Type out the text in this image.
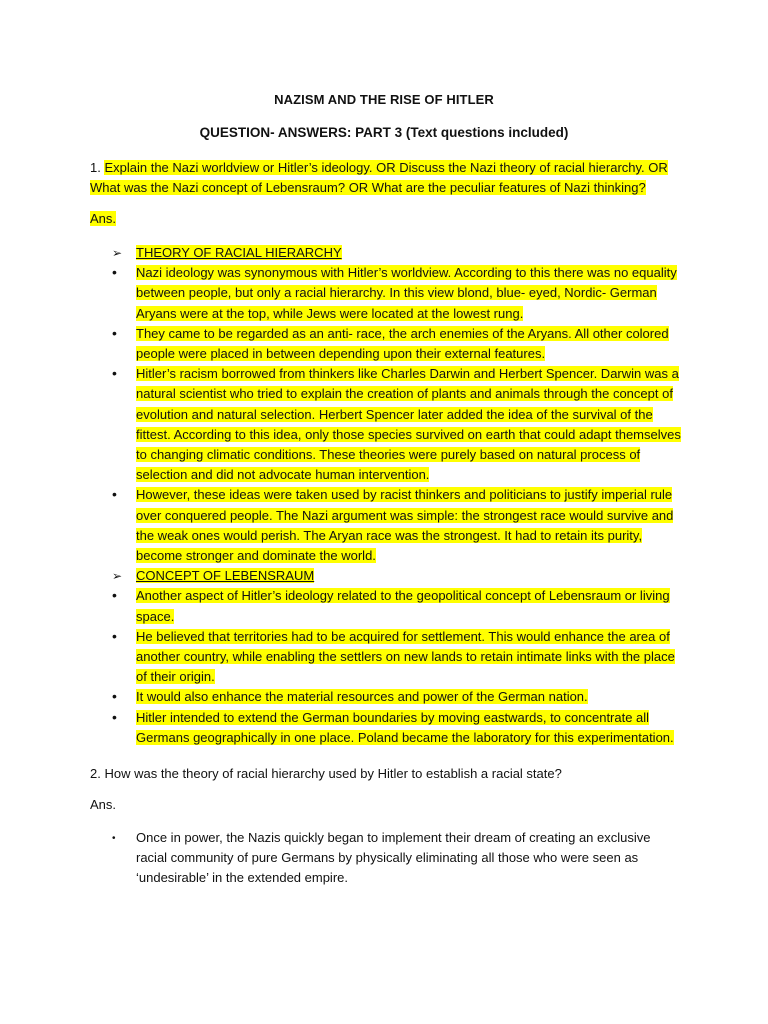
NAZISM AND THE RISE OF HITLER
QUESTION- ANSWERS: PART 3 (Text questions included)
1. Explain the Nazi worldview or Hitler’s ideology. OR Discuss the Nazi theory of racial hierarchy. OR What was the Nazi concept of Lebensraum? OR What are the peculiar features of Nazi thinking?
Ans.
➢	THEORY OF RACIAL HIERARCHY
•	Nazi ideology was synonymous with Hitler’s worldview. According to this there was no equality between people, but only a racial hierarchy. In this view blond, blue- eyed, Nordic- German Aryans were at the top, while Jews were located at the lowest rung.
•	They came to be regarded as an anti- race, the arch enemies of the Aryans. All other colored people were placed in between depending upon their external features.
•	Hitler’s racism borrowed from thinkers like Charles Darwin and Herbert Spencer. Darwin was a natural scientist who tried to explain the creation of plants and animals through the concept of evolution and natural selection. Herbert Spencer later added the idea of the survival of the fittest. According to this idea, only those species survived on earth that could adapt themselves to changing climatic conditions. These theories were purely based on natural process of selection and did not advocate human intervention.
•	However, these ideas were taken used by racist thinkers and politicians to justify imperial rule over conquered people. The Nazi argument was simple: the strongest race would survive and the weak ones would perish. The Aryan race was the strongest. It had to retain its purity, become stronger and dominate the world.
➢	CONCEPT OF LEBENSRAUM
•	Another aspect of Hitler’s ideology related to the geopolitical concept of Lebensraum or living space.
•	He believed that territories had to be acquired for settlement. This would enhance the area of another country, while enabling the settlers on new lands to retain intimate links with the place of their origin.
•	It would also enhance the material resources and power of the German nation.
•	Hitler intended to extend the German boundaries by moving eastwards, to concentrate all Germans geographically in one place. Poland became the laboratory for this experimentation.
2. How was the theory of racial hierarchy used by Hitler to establish a racial state?
Ans.
•	Once in power, the Nazis quickly began to implement their dream of creating an exclusive racial community of pure Germans by physically eliminating all those who were seen as ‘undesirable’ in the extended empire.
